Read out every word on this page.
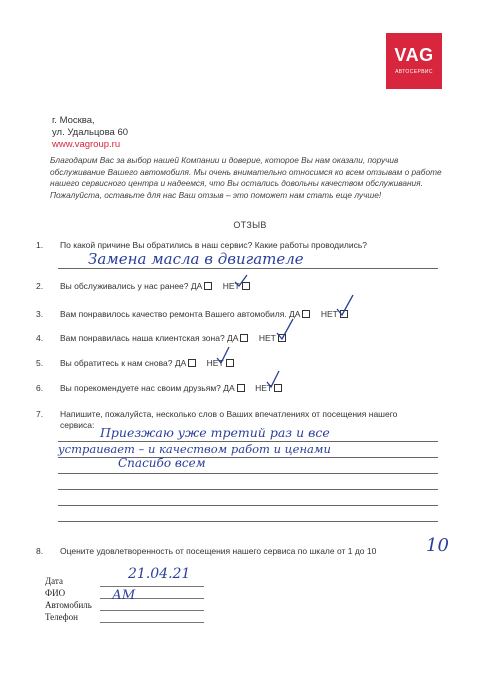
VAG
АВТОСЕРВИС
г. Москва,
ул. Удальцова 60
www.vagroup.ru
Благодарим Вас за выбор нашей Компании и доверие, которое Вы нам оказали, поручив обслуживание Вашего автомобиля. Мы очень внимательно относимся ко всем отзывам о работе нашего сервисного центра и надеемся, что Вы остались довольны качеством обслуживания. Пожалуйста, оставьте для нас Ваш отзыв – это поможет нам стать еще лучше!
ОТЗЫВ
1. По какой причине Вы обратились в наш сервис? Какие работы проводились?
Замена масла в двигателе
2. Вы обслуживались у нас ранее? ДА НЕТ
3. Вам понравилось качество ремонта Вашего автомобиля. ДА НЕТ
4. Вам понравилась наша клиентская зона? ДА НЕТ
5. Вы обратитесь к нам снова? ДА НЕТ
6. Вы порекомендуете нас своим друзьям? ДА НЕТ
7. Напишите, пожалуйста, несколько слов о Ваших впечатлениях от посещения нашего
сервиса: Приезжаю уже третий раз и все
устраивает – и качеством работ и ценами
Спасибо всем
8. Оцените удовлетворенность от посещения нашего сервиса по шкале от 1 до 10	10
Дата	21.04.21
ФИО	АМ
Автомобиль
Телефон
